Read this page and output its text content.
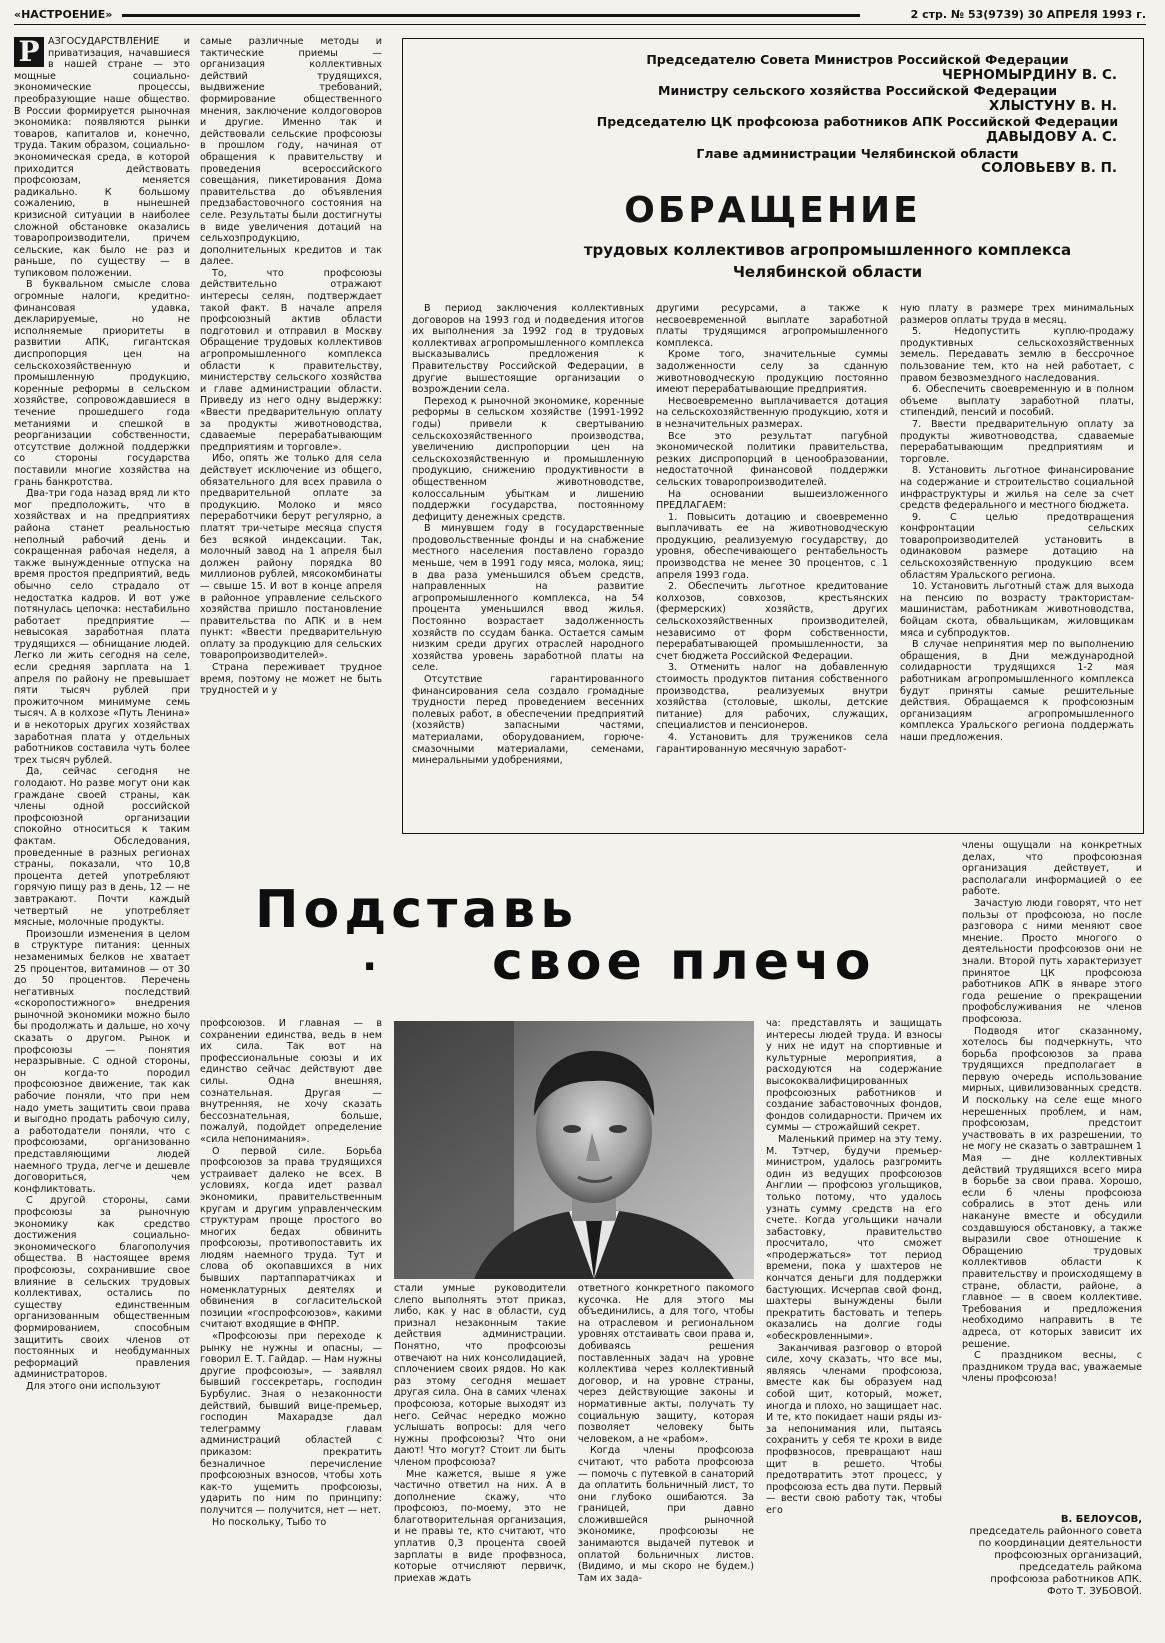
«НАСТРОЕНИЕ»	2 стр. № 53(9739) 30 АПРЕЛЯ 1993 г.
Р АЗГОСУДАРСТВЛЕНИЕ и приватизация, начавшиеся в нашей стране — это мощные социально-экономические процессы, преобразующие наше общество. В России формируется рыночная экономика: появляются рынки товаров, капиталов и, конечно, труда. Таким образом, социально-экономическая среда, в которой приходится действовать профсоюзам, меняется радикально. К большому сожалению, в нынешней кризисной ситуации в наиболее сложной обстановке оказались товаропроизводители, причем сельские, как было не раз и раньше, по существу — в тупиковом положении.

В буквальном смысле слова огромные налоги, кредитно-финансовая удавка, декларируемые, но не исполняемые приоритеты в развитии АПК, гигантская диспропорция цен на сельскохозяйственную и промышленную продукцию, коренные реформы в сельском хозяйстве, сопровождавшиеся в течение прошедшего года метаниями и спешкой в реорганизации собственности, отсутствие должной поддержки со стороны государства поставили многие хозяйства на грань банкротства.

Два-три года назад вряд ли кто мог предположить, что в хозяйствах и на предприятиях района станет реальностью неполный рабочий день и сокращенная рабочая неделя, а также вынужденные отпуска на время простоя предприятий, ведь обычно село страдало от недостатка кадров. И вот уже потянулась цепочка: нестабильно работает предприятие — невысокая заработная плата трудящихся — обнищание людей. Легко ли жить сегодня на селе, если средняя зарплата на 1 апреля по району не превышает пяти тысяч рублей при прожиточном минимуме семь тысяч. А в колхозе «Путь Ленина» и в некоторых других хозяйствах заработная плата у отдельных работников составила чуть более трех тысяч рублей.

Да, сейчас сегодня не голодают. Но разве могут они как граждане своей страны, как члены одной российской профсоюзной организации спокойно относиться к таким фактам. Обследования, проведенные в разных регионах страны, показали, что 10,8 процента детей употребляют горячую пищу раз в день, 12 — не завтракают. Почти каждый четвертый не употребляет мясные, молочные продукты.

Произошли изменения в целом в структуре питания: ценных незаменимых белков не хватает 25 процентов, витаминов — от 30 до 50 процентов. Перечень негативных последствий «скоропостижного» внедрения рыночной экономики можно было бы продолжать и дальше, но хочу сказать о другом. Рынок и профсоюзы — понятия неразрывные. С одной стороны, он когда-то породил профсоюзное движение, так как рабочие поняли, что при нем надо уметь защитить свои права и выгодно продать рабочую силу, а работодатели поняли, что с профсоюзами, организованно представляющими людей наемного труда, легче и дешевле договориться, чем конфликтовать.

С другой стороны, сами профсоюзы за рыночную экономику как средство достижения социально-экономического благополучия общества. В настоящее время профсоюзы, сохранившие свое влияние в сельских трудовых коллективах, остались по существу единственным организованным общественным формированием, способным защитить своих членов от постоянных и необдуманных реформаций правления администраторов.

Для этого они используют

самые различные методы и тактические приемы — организация коллективных действий трудящихся, выдвижение требований, формирование общественного мнения, заключение колдоговоров и другие. Именно так и действовали сельские профсоюзы в прошлом году, начиная от обращения к правительству и проведения всероссийского совещания, пикетирования Дома правительства до объявления предзабастовочного состояния на селе. Результаты были достигнуты в виде увеличения дотаций на сельхозпродукцию, дополнительных кредитов и так далее.

То, что профсоюзы действительно отражают интересы селян, подтверждает такой факт. В начале апреля профсоюзный актив области подготовил и отправил в Москву Обращение трудовых коллективов агропромышленного комплекса области к правительству, министерству сельского хозяйства и главе администрации области. Приведу из него одну выдержку: «Ввести предварительную оплату за продукты животноводства, сдаваемые перерабатывающим предприятиям и торговле».

Ибо, опять же только для села действует исключение из общего, обязательного для всех правила о предварительной оплате за продукцию. Молоко и мясо переработчики берут регулярно, а платят три-четыре месяца спустя без всякой индексации. Так, молочный завод на 1 апреля был должен району порядка 80 миллионов рублей, мясокомбинаты — свыше 15. И вот в конце апреля в районное управление сельского хозяйства пришло постановление правительства по АПК и в нем пункт: «Ввести предварительную оплату за продукцию для сельских товаропроизводителей».

Страна переживает трудное время, поэтому не может не быть трудностей и у

Председателю Совета Министров Российской Федерации
ЧЕРНОМЫРДИНУ В. С.
Министру сельского хозяйства Российской Федерации
ХЛЫСТУНУ В. Н.
Председателю ЦК профсоюза работников АПК Российской Федерации
ДАВЫДОВУ А. С.
Главе администрации Челябинской области
СОЛОВЬЕВУ В. П.
ОБРАЩЕНИЕ
трудовых коллективов агропромышленного комплекса
Челябинской области

В период заключения коллективных договоров на 1993 год и подведения итогов их выполнения за 1992 год в трудовых коллективах агропромышленного комплекса высказывались предложения к Правительству Российской Федерации, в другие вышестоящие организации о возрождении села.

Переход к рыночной экономике, коренные реформы в сельском хозяйстве (1991-1992 годы) привели к свертыванию сельскохозяйственного производства, увеличению диспропорции цен на сельскохозяйственную и промышленную продукцию, снижению продуктивности в общественном животноводстве, колоссальным убыткам и лишению поддержки государства, постоянному дефициту денежных средств.

В минувшем году в государственные продовольственные фонды и на снабжение местного населения поставлено гораздо меньше, чем в 1991 году мяса, молока, яиц; в два раза уменьшился объем средств, направленных на развитие агропромышленного комплекса, на 54 процента уменьшился ввод жилья. Постоянно возрастает задолженность хозяйств по ссудам банка. Остается самым низким среди других отраслей народного хозяйства уровень заработной платы на селе.

Отсутствие гарантированного финансирования села создало громадные трудности перед проведением весенних полевых работ, в обеспечении предприятий (хозяйств) запасными частями, материалами, оборудованием, горюче-смазочными материалами, семенами, минеральными удобрениями,

другими ресурсами, а также к несвоевременной выплате заработной платы трудящимся агропромышленного комплекса.

Кроме того, значительные суммы задолженности селу за сданную животноводческую продукцию постоянно имеют перерабатывающие предприятия.

Несвоевременно выплачивается дотация на сельскохозяйственную продукцию, хотя и в незначительных размерах.

Все это результат пагубной экономической политики правительства, резких диспропорций в ценообразовании, недостаточной финансовой поддержки сельских товаропроизводителей.

На основании вышеизложенного ПРЕДЛАГАЕМ:

1. Повысить дотацию и своевременно выплачивать ее на животноводческую продукцию, реализуемую государству, до уровня, обеспечивающего рентабельность производства не менее 30 процентов, с 1 апреля 1993 года.

2. Обеспечить льготное кредитование колхозов, совхозов, крестьянских (фермерских) хозяйств, других сельскохозяйственных производителей, независимо от форм собственности, перерабатывающей промышленности, за счет бюджета Российской Федерации.

3. Отменить налог на добавленную стоимость продуктов питания собственного производства, реализуемых внутри хозяйства (столовые, школы, детские питание) для рабочих, служащих, специалистов и пенсионеров.

4. Установить для тружеников села гарантированную месячную заработ-

ную плату в размере трех минимальных размеров оплаты труда в месяц.

5. Недопустить куплю-продажу продуктивных сельскохозяйственных земель. Передавать землю в бессрочное пользование тем, кто на ней работает, с правом безвозмездного наследования.

6. Обеспечить своевременную и в полном объеме выплату заработной платы, стипендий, пенсий и пособий.

7. Ввести предварительную оплату за продукты животноводства, сдаваемые перерабатывающим предприятиям и торговле.

8. Установить льготное финансирование на содержание и строительство социальной инфраструктуры и жилья на селе за счет средств федерального и местного бюджета.

9. С целью предотвращения конфронтации сельских товаропроизводителей установить в одинаковом размере дотацию на сельскохозяйственную продукцию всем областям Уральского региона.

10. Установить льготный стаж для выхода на пенсию по возрасту трактористам-машинистам, работникам животноводства, бойцам скота, обвальщикам, жиловщикам мяса и субпродуктов.

В случае непринятия мер по выполнению обращения, в Дни международной солидарности трудящихся 1-2 мая работникам агропромышленного комплекса будут приняты самые решительные действия. Обращаемся к профсоюзным организациям агропромышленного комплекса Уральского региона поддержать наши предложения.

Подставь
. свое плечо

профсоюзов. И главная — в сохранении единства, ведь в нем их сила. Так вот на профессиональные союзы и их единство сейчас действуют две силы. Одна внешняя, сознательная. Другая — внутренняя, не хочу сказать бессознательная, больше, пожалуй, подойдет определение «сила непонимания».

О первой силе. Борьба профсоюзов за права трудящихся устраивает далеко не всех. В условиях, когда идет развал экономики, правительственным кругам и другим управленческим структурам проще простого во многих бедах обвинить профсоюзы, противопоставить их людям наемного труда. Тут и слова об окопавшихся в них бывших партаппаратчиках и номенклатурных деятелях и обвинения в согласительской позиции «госпрофсоюзов», какими считают входящие в ФНПР.

«Профсоюзы при переходе к рынку не нужны и опасны, — говорил Е. Т. Гайдар. — Нам нужны другие профсоюзы», — заявлял бывший госсекретарь, господин Бурбулис. Зная о незаконности действий, бывший вице-премьер, господин Махарадзе дал телеграмму главам администраций областей с приказом: прекратить безналичное перечисление профсоюзных взносов, чтобы хоть как-то ущемить профсоюзы, ударить по ним по принципу: получится — получится, нет — нет.

Но поскольку, Тыбо то

стали умные руководители слепо выполнять этот приказ, либо, как у нас в области, суд признал незаконным такие действия администрации. Понятно, что профсоюзы отвечают на них консолидацией, сплочением своих рядов. Но как раз этому сегодня мешает другая сила. Она в самих членах профсоюза, которые выходят из него. Сейчас нередко можно услышать вопросы: для чего нужны профсоюзы? Что они дают! Что могут? Стоит ли быть членом профсоюза?

Мне кажется, выше я уже частично ответил на них. А в дополнение скажу, что профсоюз, по-моему, это не благотворительная организация, и не правы те, кто считают, что уплатив 0,3 процента своей зарплаты в виде профвзноса, которые отчисляют первичк, приехав ждать

ответного конкретного пакомого кусочка. Не для этого мы объединились, а для того, чтобы на отраслевом и региональном уровнях отстаивать свои права и, добиваясь решения поставленных задач на уровне коллектива через коллективный договор, и на уровне страны, через действующие законы и нормативные акты, получать ту социальную защиту, которая позволяет человеку быть человеком, а не «рабом».

Когда члены профсоюза считают, что работа профсоюза — помочь с путевкой в санаторий да оплатить больничный лист, то они глубоко ошибаются. За границей, при давно сложившейся рыночной экономике, профсоюзы не занимаются выдачей путевок и оплатой больничных листов. (Видимо, и мы скоро не будем.) Там их зада-

ча: представлять и защищать интересы людей труда. И взносы у них не идут на спортивные и культурные мероприятия, а расходуются на содержание высококвалифицированных профсоюзных работников и создание забастовочных фондов, фондов солидарности. Причем их суммы — строжайший секрет.

Маленький пример на эту тему. М. Тэтчер, будучи премьер-министром, удалось разгромить один из ведущих профсоюзов Англии — профсоюз угольщиков, только потому, что удалось узнать сумму средств на его счете. Когда угольщики начали забастовку, правительство просчитало, что сможет «продержаться» тот период времени, пока у шахтеров не кончатся деньги для поддержки бастующих. Исчерпав свой фонд, шахтеры вынуждены были прекратить бастовать и теперь оказались на долгие годы «обескровленными».

Заканчивая разговор о второй силе, хочу сказать, что все мы, являясь членами профсоюза, вместе как бы образуем над собой щит, который, может, иногда и плохо, но защищает нас. И те, кто покидает наши ряды из-за непонимания или, пытаясь сохранить у себя те крохи в виде профвзносов, превращают наш щит в решето. Чтобы предотвратить этот процесс, у профсоюза есть два пути. Первый — вести свою работу так, чтобы его

члены ощущали на конкретных делах, что профсоюзная организация действует, и располагали информацией о ее работе.

Зачастую люди говорят, что нет пользы от профсоюза, но после разговора с ними меняют свое мнение. Просто многого о деятельности профсоюзов они не знали. Второй путь характеризует принятое ЦК профсоюза работников АПК в январе этого года решение о прекращении профобслуживания не членов профсоюза.

Подводя итог сказанному, хотелось бы подчеркнуть, что борьба профсоюзов за права трудящихся предполагает в первую очередь использование мирных, цивилизованных средств. И поскольку на селе еще много нерешенных проблем, и нам, профсоюзам, предстоит участвовать в их разрешении, то не могу не сказать о завтрашнем 1 Мая — дне коллективных действий трудящихся всего мира в борьбе за свои права. Хорошо, если б члены профсоюза собрались в этот день или накануне вместе и обсудили создавшуюся обстановку, а также выразили свое отношение к Обращению трудовых коллективов области к правительству и происходящему в стране, области, районе, а главное — в своем коллективе. Требования и предложения необходимо направить в те адреса, от которых зависит их решение.

С праздником весны, с праздником труда вас, уважаемые члены профсоюза!

В. БЕЛОУСОВ,
председатель районного совета по координации деятельности профсоюзных организаций, председатель райкома профсоюза работников АПК.
Фото Т. ЗУБОВОЙ.
